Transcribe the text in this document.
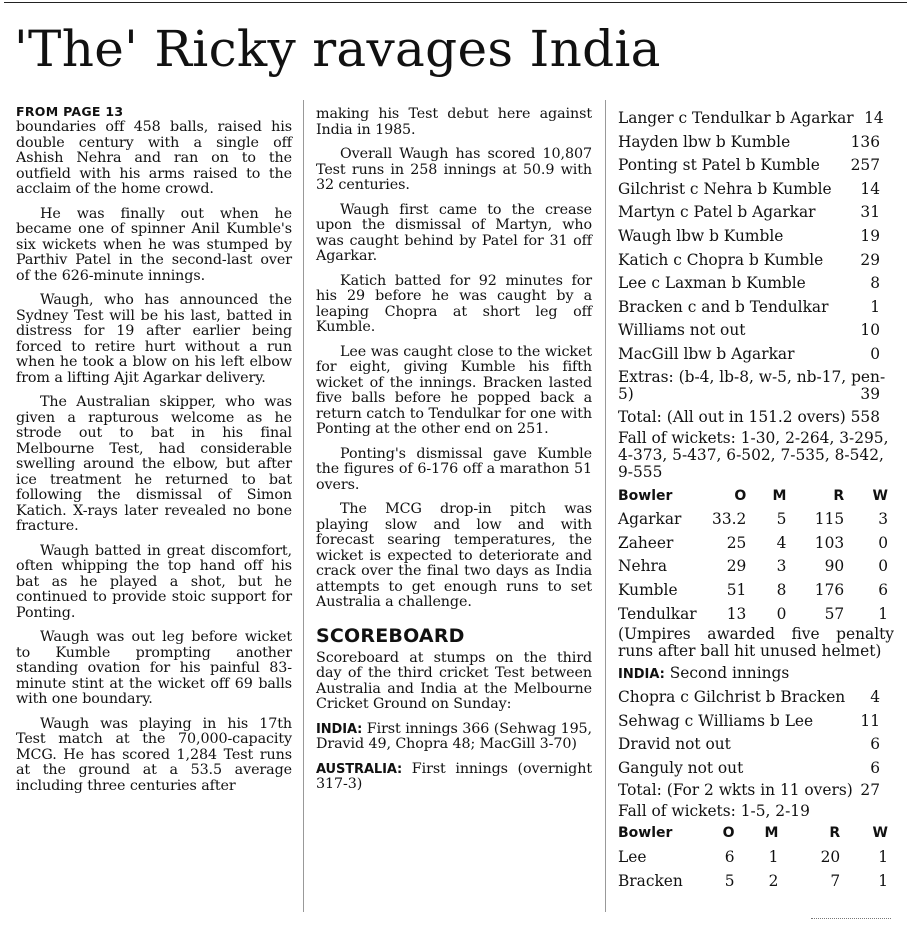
'The' Ricky ravages India
FROM PAGE 13

boundaries off 458 balls, raised his double century with a single off Ashish Nehra and ran on to the outfield with his arms raised to the acclaim of the home crowd.

He was finally out when he became one of spinner Anil Kumble's six wickets when he was stumped by Parthiv Patel in the second-last over of the 626-minute innings.

Waugh, who has announced the Sydney Test will be his last, batted in distress for 19 after earlier being forced to retire hurt without a run when he took a blow on his left elbow from a lifting Ajit Agarkar delivery.

The Australian skipper, who was given a rapturous welcome as he strode out to bat in his final Melbourne Test, had considerable swelling around the elbow, but after ice treatment he returned to bat following the dismissal of Simon Katich. X-rays later revealed no bone fracture.

Waugh batted in great discomfort, often whipping the top hand off his bat as he played a shot, but he continued to provide stoic support for Ponting.

Waugh was out leg before wicket to Kumble prompting another standing ovation for his painful 83-minute stint at the wicket off 69 balls with one boundary.

Waugh was playing in his 17th Test match at the 70,000-capacity MCG. He has scored 1,284 Test runs at the ground at a 53.5 average including three centuries after

making his Test debut here against India in 1985.

Overall Waugh has scored 10,807 Test runs in 258 innings at 50.9 with 32 centuries.

Waugh first came to the crease upon the dismissal of Martyn, who was caught behind by Patel for 31 off Agarkar.

Katich batted for 92 minutes for his 29 before he was caught by a leaping Chopra at short leg off Kumble.

Lee was caught close to the wicket for eight, giving Kumble his fifth wicket of the innings. Bracken lasted five balls before he popped back a return catch to Tendulkar for one with Ponting at the other end on 251.

Ponting's dismissal gave Kumble the figures of 6-176 off a marathon 51 overs.

The MCG drop-in pitch was playing slow and low and with forecast searing temperatures, the wicket is expected to deteriorate and crack over the final two days as India attempts to get enough runs to set Australia a challenge.

SCOREBOARD

Scoreboard at stumps on the third day of the third cricket Test between Australia and India at the Melbourne Cricket Ground on Sunday:

INDIA: First innings 366 (Sehwag 195, Dravid 49, Chopra 48; MacGill 3-70)

AUSTRALIA: First innings (overnight 317-3)

Langer c Tendulkar b Agarkar 14
Hayden lbw b Kumble	136
Ponting st Patel b Kumble	257
Gilchrist c Nehra b Kumble	14
Martyn c Patel b Agarkar	31
Waugh lbw b Kumble	19
Katich c Chopra b Kumble	29
Lee c Laxman b Kumble	8
Bracken c and b Tendulkar	1
Williams not out	10
MacGill lbw b Agarkar	0
Extras: (b-4, lb-8, w-5, nb-17, pen-5)	39
Total: (All out in 151.2 overs) 558
Fall of wickets: 1-30, 2-264, 3-295, 4-373, 5-437, 6-502, 7-535, 8-542, 9-555
Bowler	O	M	R	W
Agarkar	33.2	5	115	3
Zaheer	25	4	103	0
Nehra	29	3	90	0
Kumble	51	8	176	6
Tendulkar	13	0	57	1
(Umpires awarded five penalty runs after ball hit unused helmet)
INDIA: Second innings
Chopra c Gilchrist b Bracken	4
Sehwag c Williams b Lee	11
Dravid not out	6
Ganguly not out	6
Total: (For 2 wkts in 11 overs) 27
Fall of wickets: 1-5, 2-19
Bowler	O	M	R	W
Lee	6	1	20	1
Bracken	5	2	7	1
